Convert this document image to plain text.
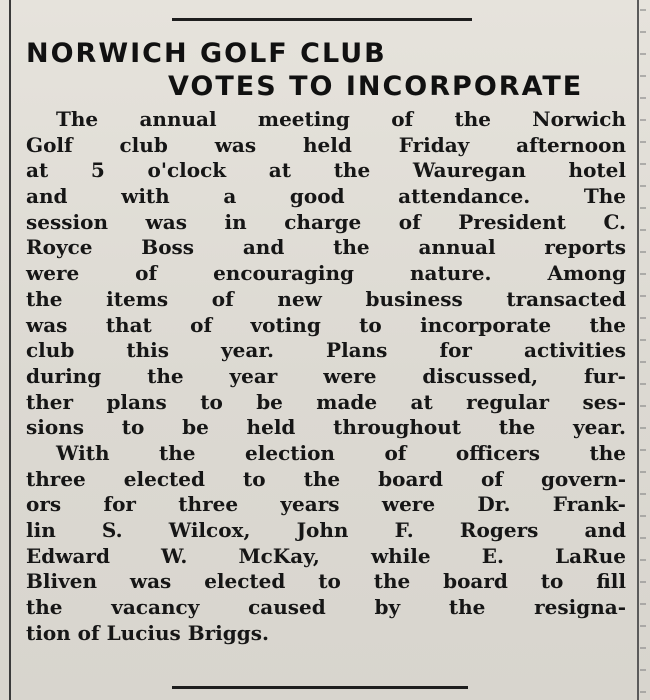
NORWICH GOLF CLUB
VOTES TO INCORPORATE
The annual meeting of the Norwich
Golf club was held Friday afternoon
at 5 o'clock at the Wauregan hotel
and with a good attendance. The
session was in charge of President C.
Royce Boss and the annual reports
were of encouraging nature. Among
the items of new business transacted
was that of voting to incorporate the
club this year. Plans for activities
during the year were discussed, fur-
ther plans to be made at regular ses-
sions to be held throughout the year.
With the election of officers the
three elected to the board of govern-
ors for three years were Dr. Frank-
lin S. Wilcox, John F. Rogers and
Edward W. McKay, while E. LaRue
Bliven was elected to the board to fill
the vacancy caused by the resigna-
tion of Lucius Briggs.
